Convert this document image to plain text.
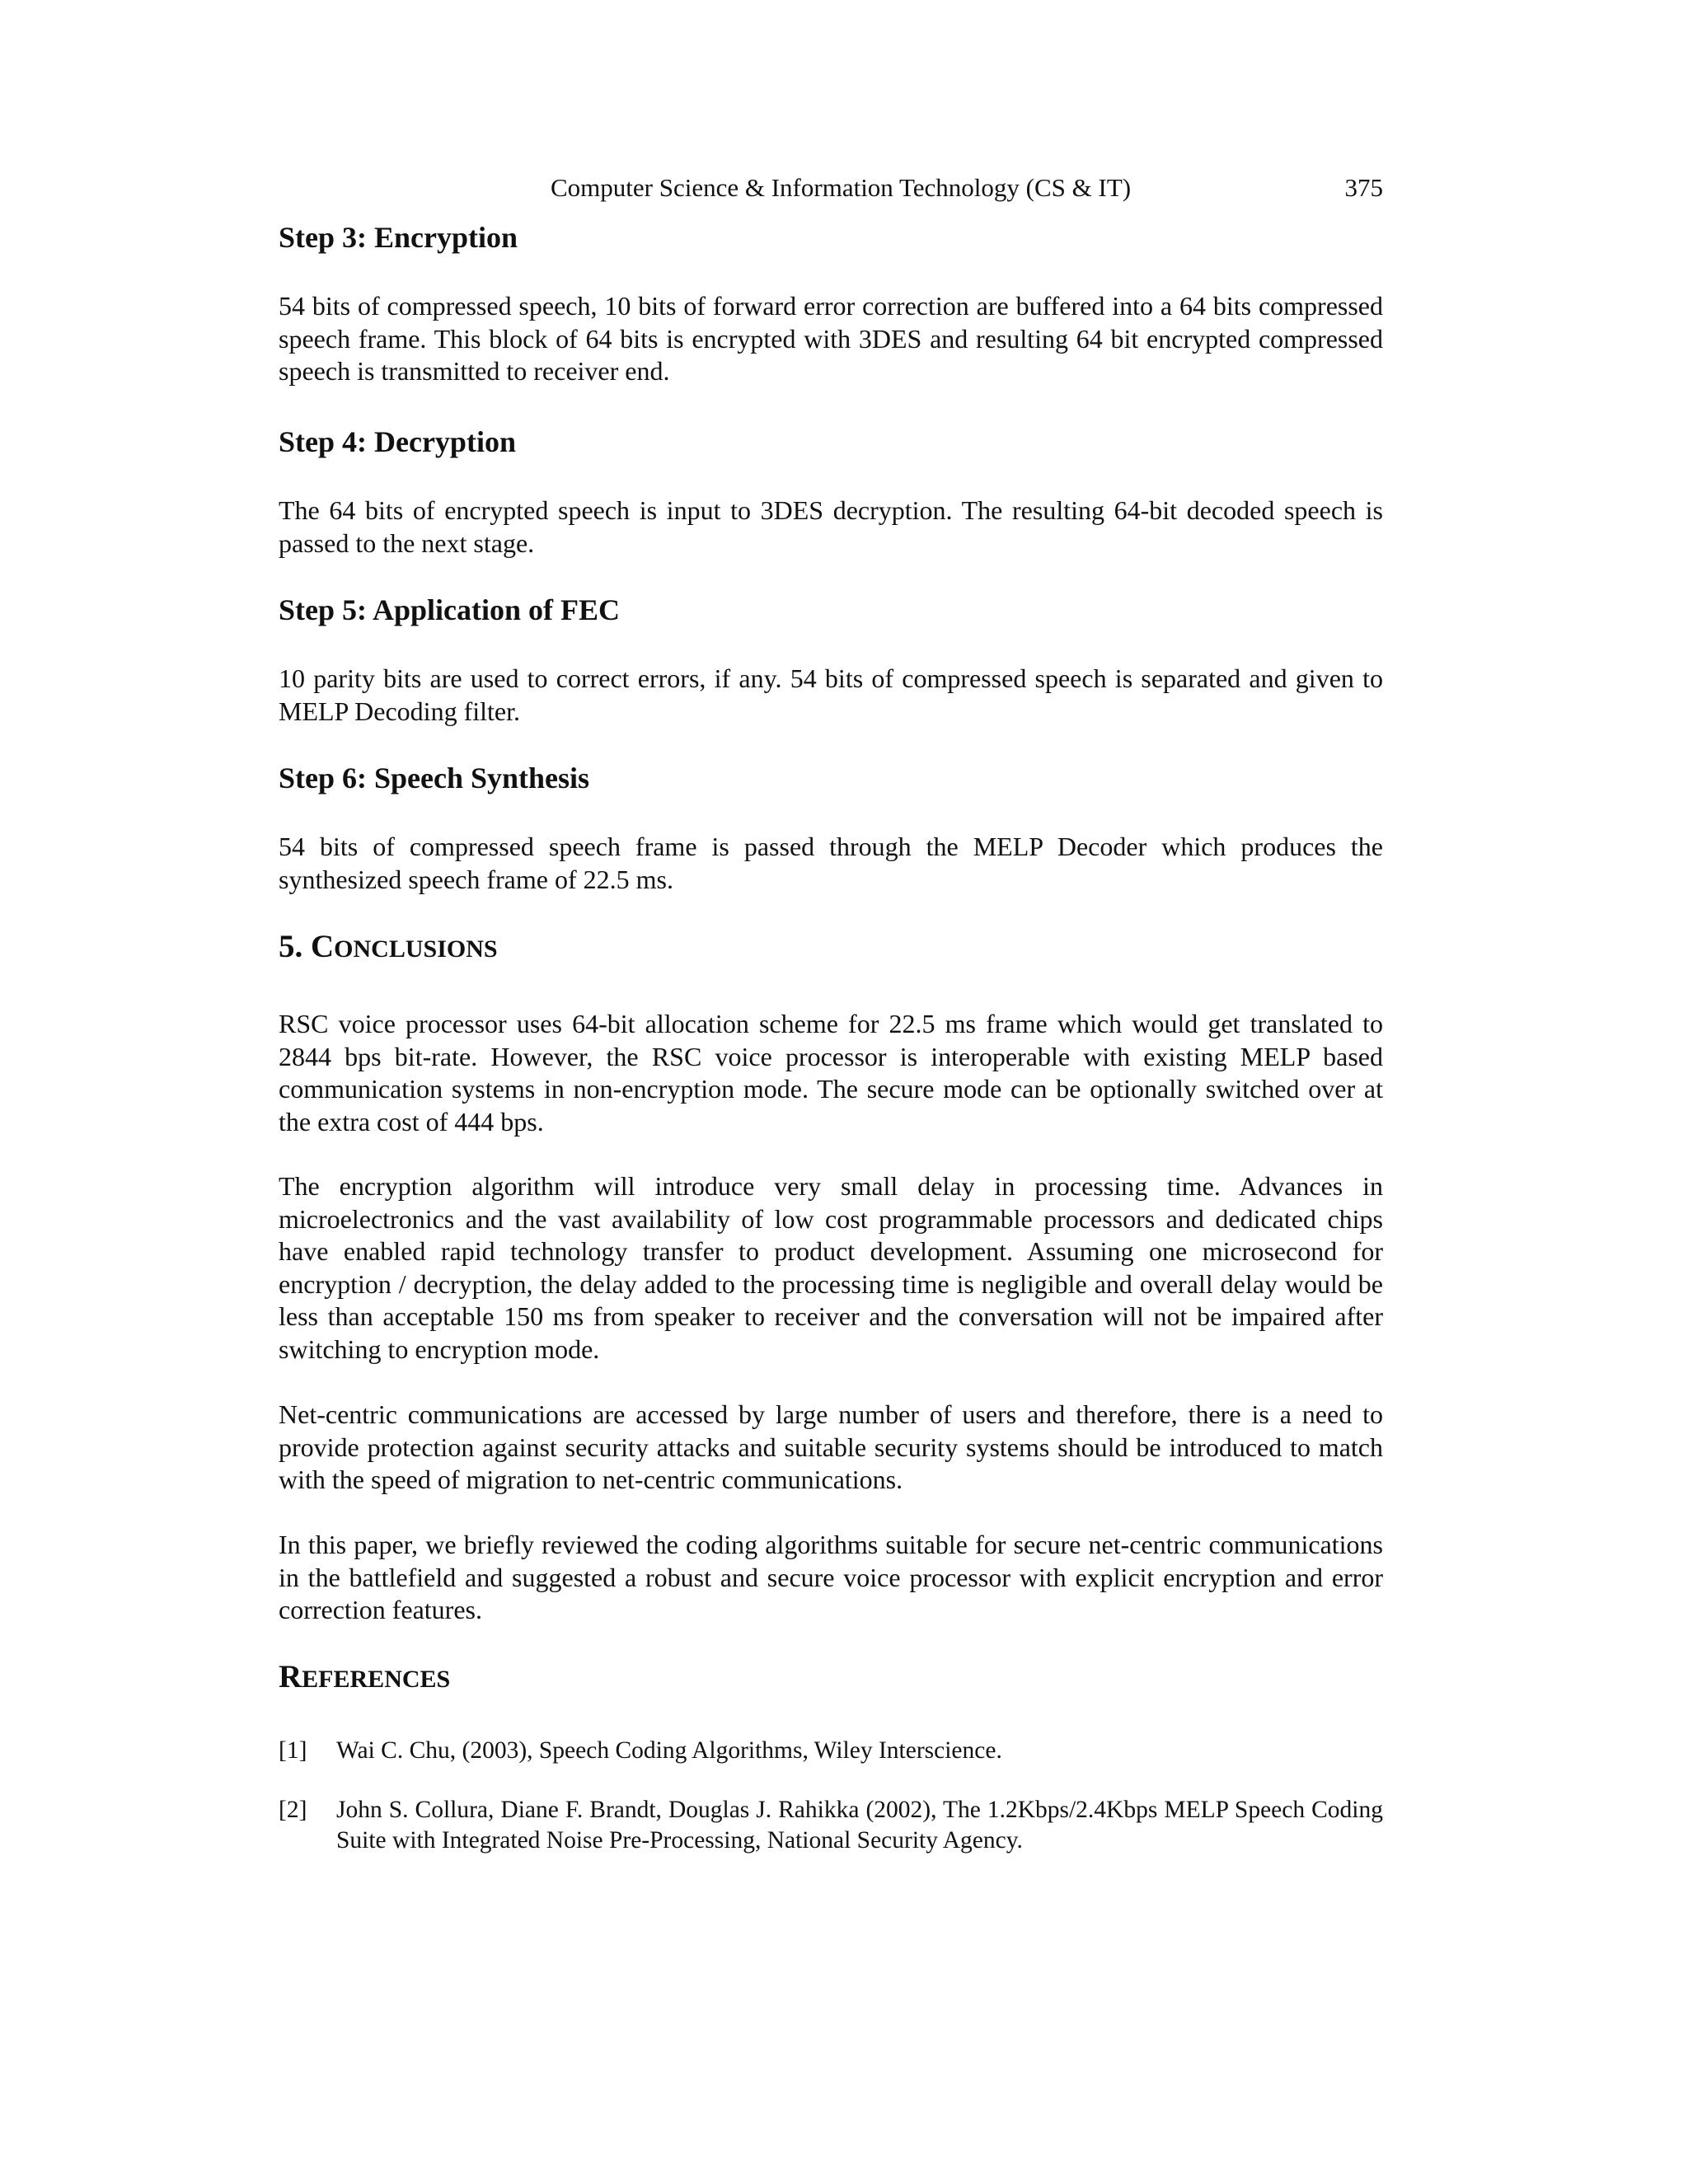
Computer Science & Information Technology (CS & IT)	375
Step 3: Encryption
54 bits of compressed speech, 10 bits of forward error correction are buffered into a 64 bits compressed speech frame. This block of 64 bits is encrypted with 3DES and resulting 64 bit encrypted compressed speech is transmitted to receiver end.
Step 4: Decryption
The 64 bits of encrypted speech is input to 3DES decryption. The resulting 64-bit decoded speech is passed to the next stage.
Step 5: Application of FEC
10 parity bits are used to correct errors, if any. 54 bits of compressed speech is separated and given to MELP Decoding filter.
Step 6: Speech Synthesis
54 bits of compressed speech frame is passed through the MELP Decoder which produces the synthesized speech frame of 22.5 ms.
5. CONCLUSIONS
RSC voice processor uses 64-bit allocation scheme for 22.5 ms frame which would get translated to 2844 bps bit-rate. However, the RSC voice processor is interoperable with existing MELP based communication systems in non-encryption mode. The secure mode can be optionally switched over at the extra cost of 444 bps.
The encryption algorithm will introduce very small delay in processing time. Advances in microelectronics and the vast availability of low cost programmable processors and dedicated chips have enabled rapid technology transfer to product development. Assuming one microsecond for encryption / decryption, the delay added to the processing time is negligible and overall delay would be less than acceptable 150 ms from speaker to receiver and the conversation will not be impaired after switching to encryption mode.
Net-centric communications are accessed by large number of users and therefore, there is a need to provide protection against security attacks and suitable security systems should be introduced to match with the speed of migration to net-centric communications.
In this paper, we briefly reviewed the coding algorithms suitable for secure net-centric communications in the battlefield and suggested a robust and secure voice processor with explicit encryption and error correction features.
REFERENCES
[1] Wai C. Chu, (2003), Speech Coding Algorithms, Wiley Interscience.
[2] John S. Collura, Diane F. Brandt, Douglas J. Rahikka (2002), The 1.2Kbps/2.4Kbps MELP Speech Coding Suite with Integrated Noise Pre-Processing, National Security Agency.
